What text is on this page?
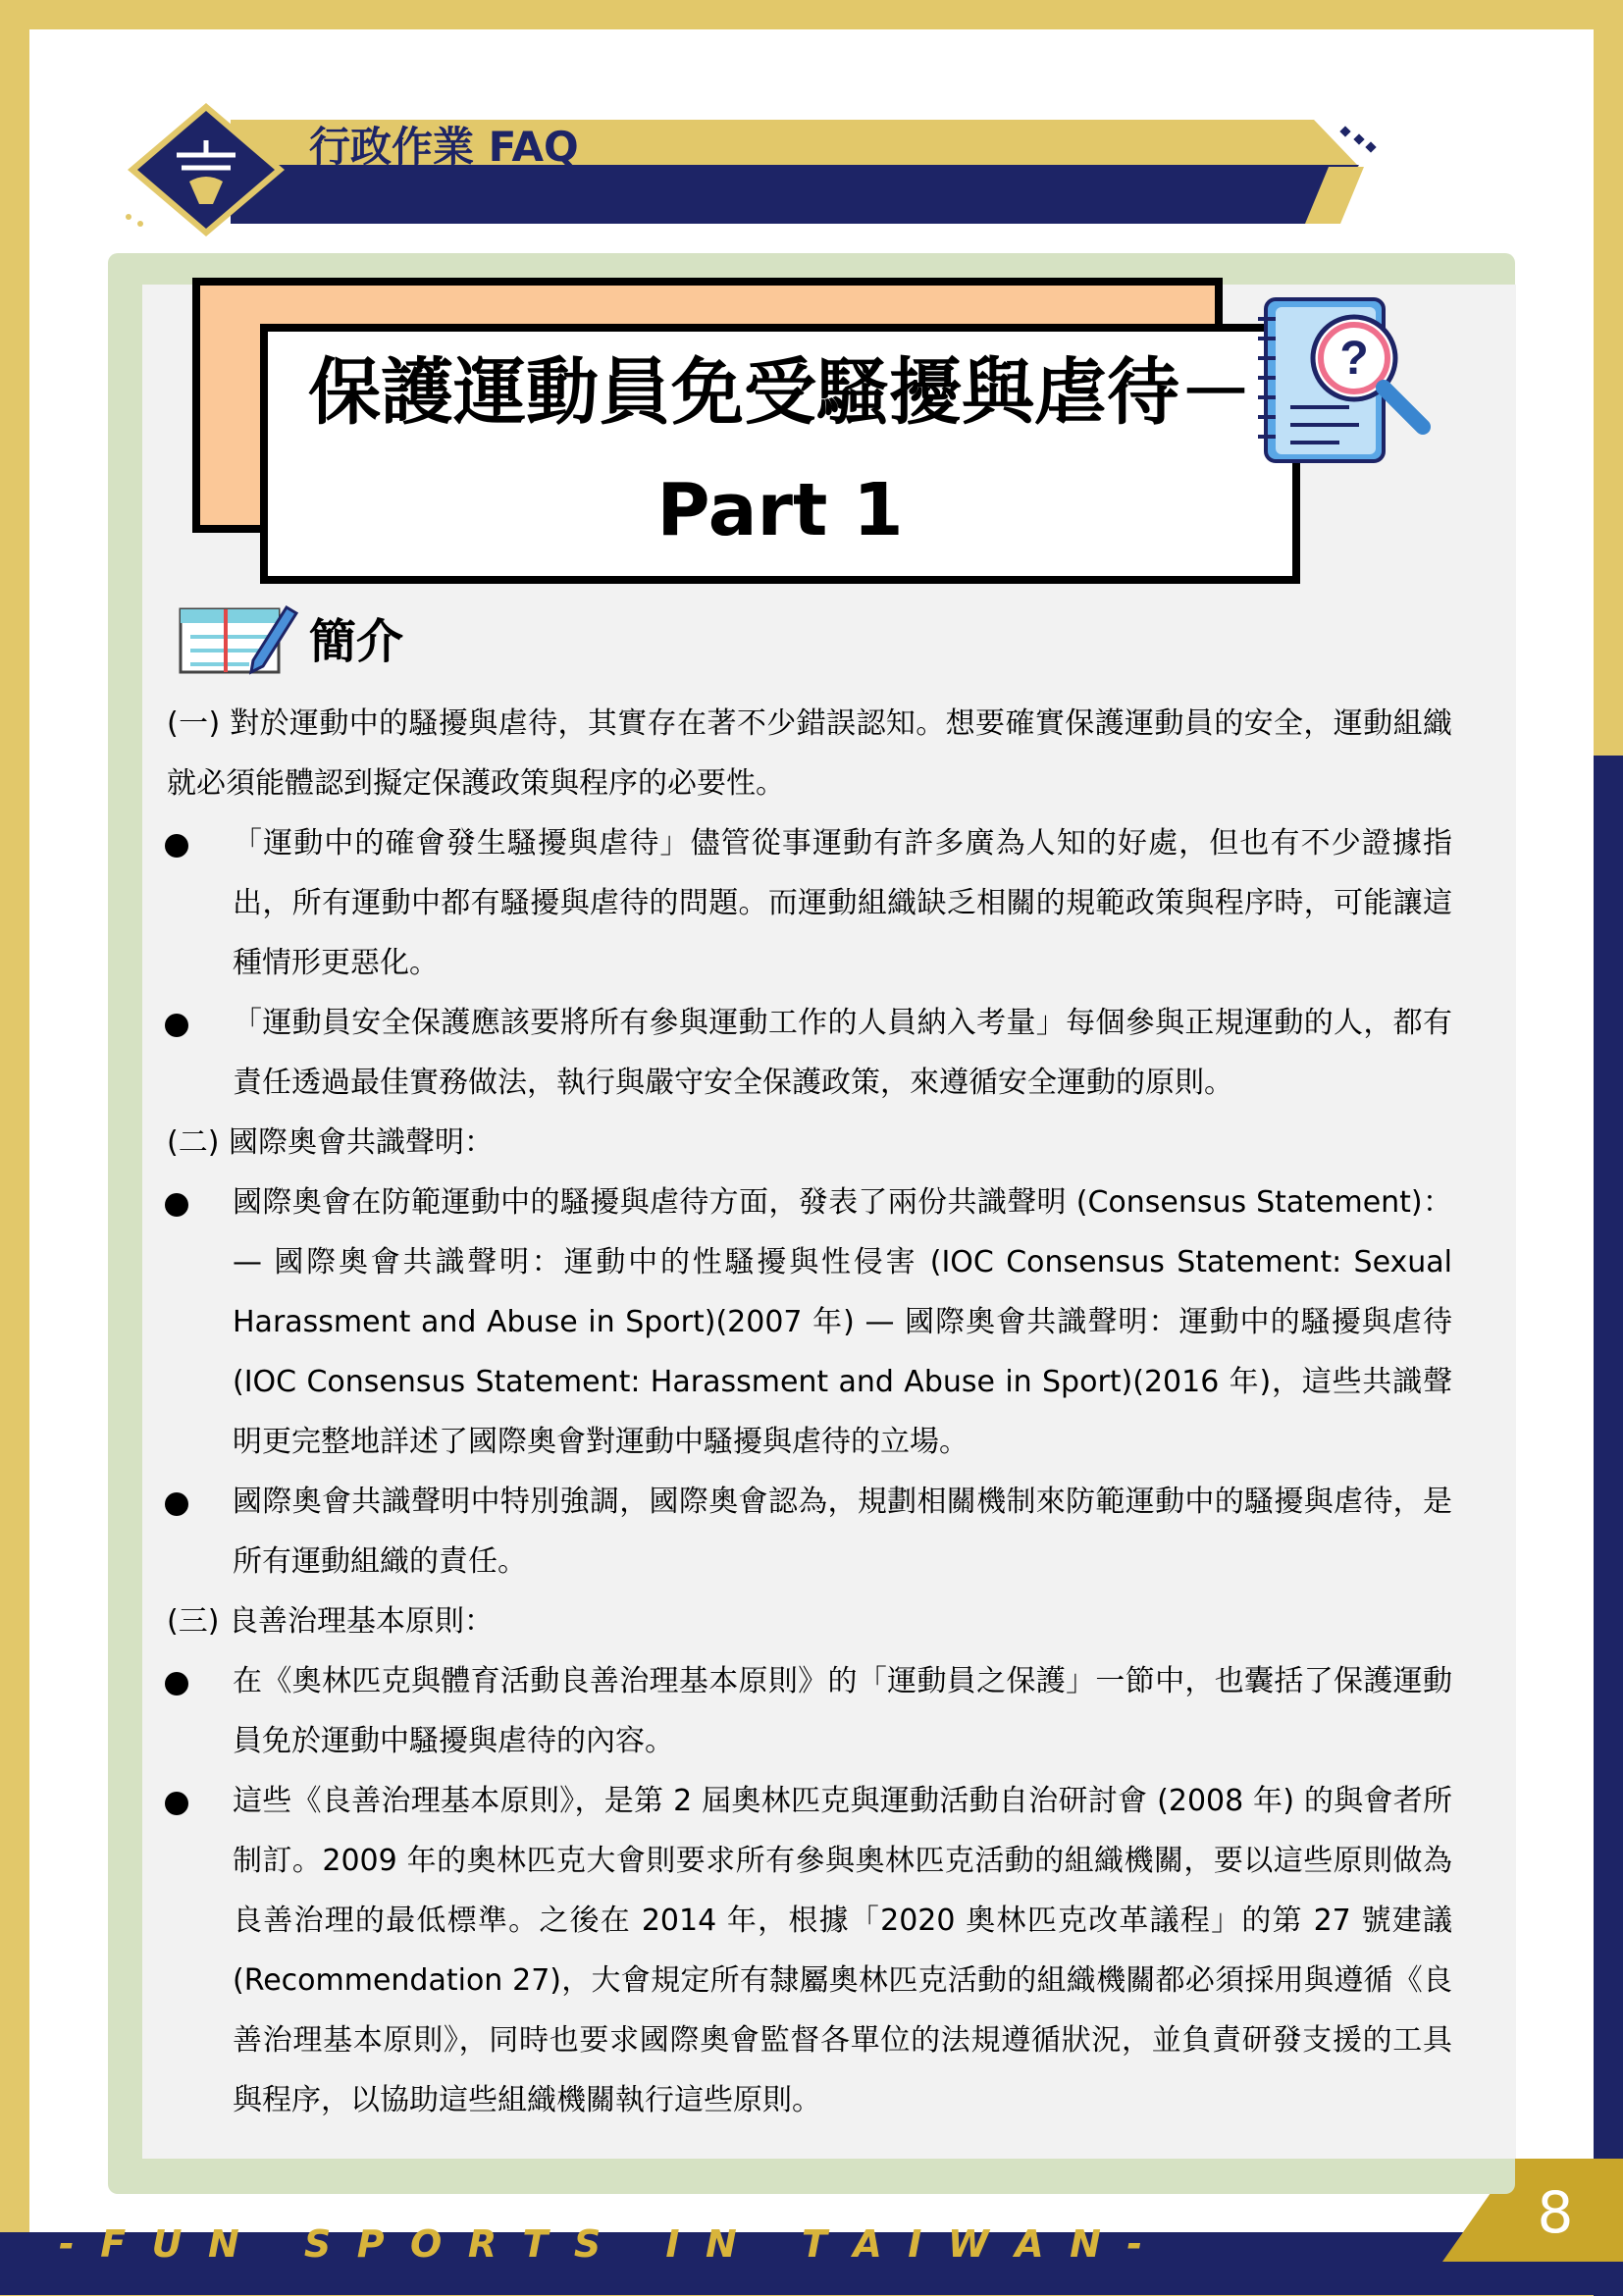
8
-  F  U  N     S  P  O  R  T  S     I  N     T  A  I  W  A  N  -
行政作業 FAQ
保護運動員免受騷擾與虐待－
Part 1
?
簡介
(一) 對於運動中的騷擾與虐待，其實存在著不少錯誤認知。想要確實保護運動員的安全，運動組織就必須能體認到擬定保護政策與程序的必要性。
「運動中的確會發生騷擾與虐待」儘管從事運動有許多廣為人知的好處，但也有不少證據指出，所有運動中都有騷擾與虐待的問題。而運動組織缺乏相關的規範政策與程序時，可能讓這種情形更惡化。
「運動員安全保護應該要將所有參與運動工作的人員納入考量」每個參與正規運動的人，都有責任透過最佳實務做法，執行與嚴守安全保護政策，來遵循安全運動的原則。
(二) 國際奧會共識聲明：
國際奧會在防範運動中的騷擾與虐待方面，發表了兩份共識聲明 (Consensus Statement)：— 國際奧會共識聲明：運動中的性騷擾與性侵害 (IOC Consensus Statement: Sexual Harassment and Abuse in Sport)(2007 年) — 國際奧會共識聲明：運動中的騷擾與虐待 (IOC Consensus Statement: Harassment and Abuse in Sport)(2016 年)，這些共識聲明更完整地詳述了國際奧會對運動中騷擾與虐待的立場。
國際奧會共識聲明中特別強調，國際奧會認為，規劃相關機制來防範運動中的騷擾與虐待，是所有運動組織的責任。
(三) 良善治理基本原則：
在《奧林匹克與體育活動良善治理基本原則》的「運動員之保護」一節中，也囊括了保護運動員免於運動中騷擾與虐待的內容。
這些《良善治理基本原則》，是第 2 屆奧林匹克與運動活動自治研討會 (2008 年) 的與會者所制訂。2009 年的奧林匹克大會則要求所有參與奧林匹克活動的組織機關，要以這些原則做為良善治理的最低標準。之後在 2014 年，根據「2020 奧林匹克改革議程」的第 27 號建議 (Recommendation 27)，大會規定所有隸屬奧林匹克活動的組織機關都必須採用與遵循《良善治理基本原則》，同時也要求國際奧會監督各單位的法規遵循狀況，並負責研發支援的工具與程序，以協助這些組織機關執行這些原則。
